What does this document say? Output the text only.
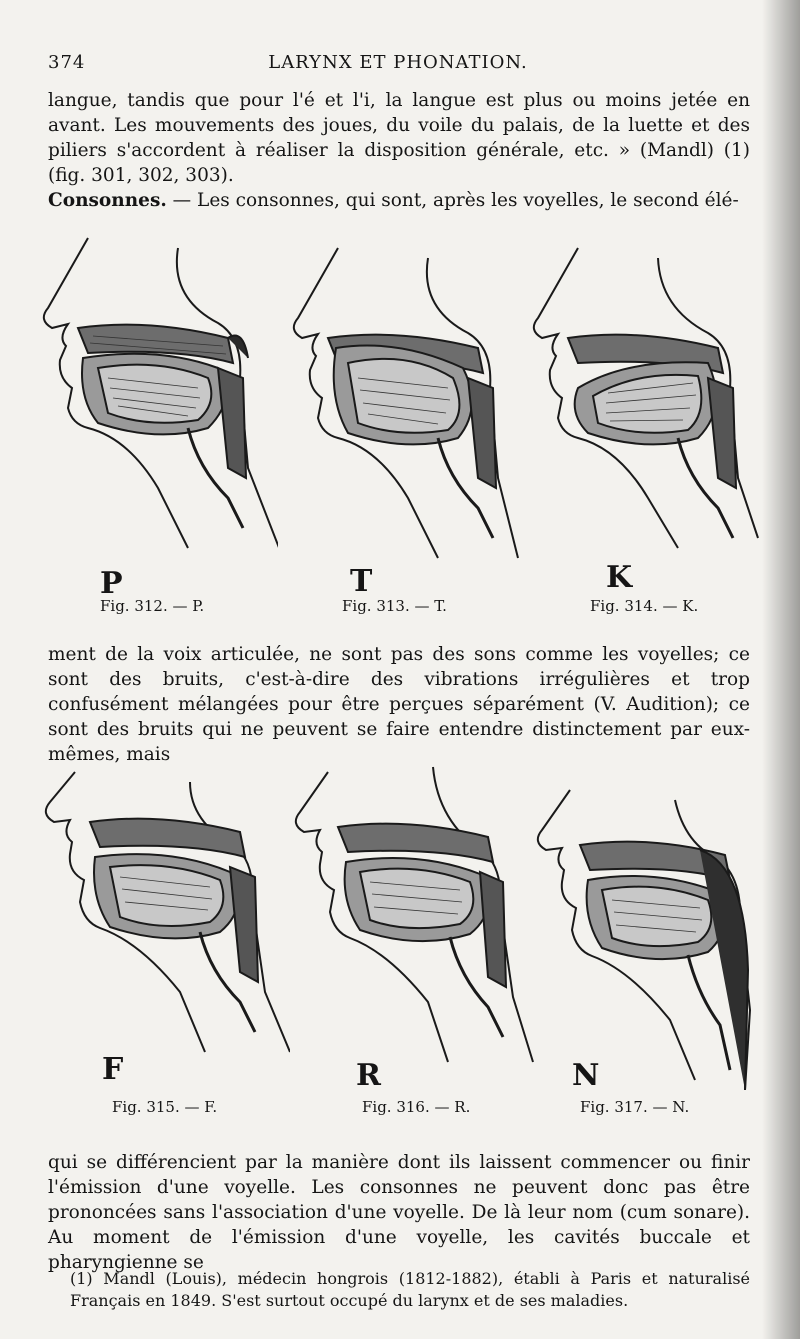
374	LARYNX ET PHONATION.

langue, tandis que pour l'é et l'i, la langue est plus ou moins jetée en avant. Les mouvements des joues, du voile du palais, de la luette et des piliers s'accordent à réaliser la disposition générale, etc. » (Mandl) (1) (fig. 301, 302, 303).

Consonnes. — Les consonnes, qui sont, après les voyelles, le second élé-

P
Fig. 312. — P.
T
Fig. 313. — T.
K
Fig. 314. — K.

ment de la voix articulée, ne sont pas des sons comme les voyelles; ce sont des bruits, c'est-à-dire des vibrations irrégulières et trop confusément mélangées pour être perçues séparément (V. Audition); ce sont des bruits qui ne peuvent se faire entendre distinctement par eux-mêmes, mais

F
Fig. 315. — F.
R
Fig. 316. — R.
N
Fig. 317. — N.

qui se différencient par la manière dont ils laissent commencer ou finir l'émission d'une voyelle. Les consonnes ne peuvent donc pas être prononcées sans l'association d'une voyelle. De là leur nom (cum sonare). Au moment de l'émission d'une voyelle, les cavités buccale et pharyngienne se

(1) Mandl (Louis), médecin hongrois (1812-1882), établi à Paris et naturalisé Français en 1849. S'est surtout occupé du larynx et de ses maladies.
